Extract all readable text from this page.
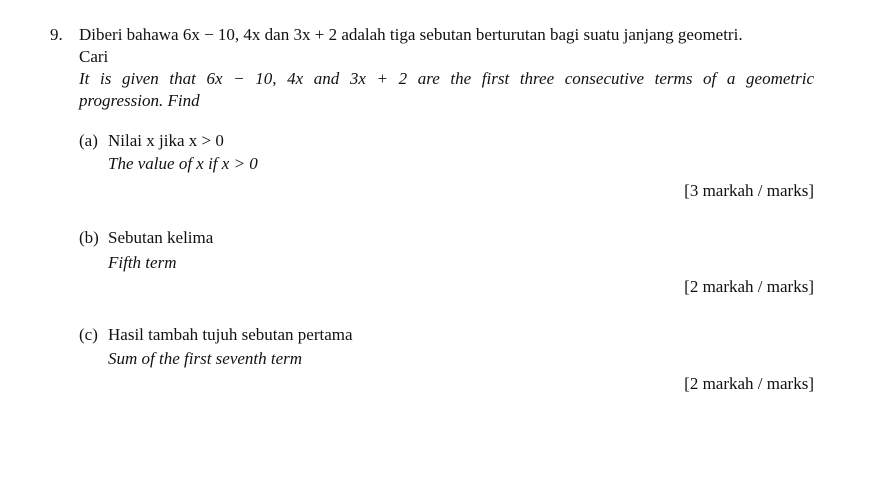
9. Diberi bahawa 6x − 10, 4x dan 3x + 2 adalah tiga sebutan berturutan bagi suatu janjang geometri.
Cari
It is given that 6x − 10, 4x and 3x + 2 are the first three consecutive terms of a geometric
progression. Find
(a) Nilai x jika x > 0
The value of x if x > 0
[3 markah / marks]
(b) Sebutan kelima
Fifth term
[2 markah / marks]
(c) Hasil tambah tujuh sebutan pertama
Sum of the first seventh term
[2 markah / marks]
